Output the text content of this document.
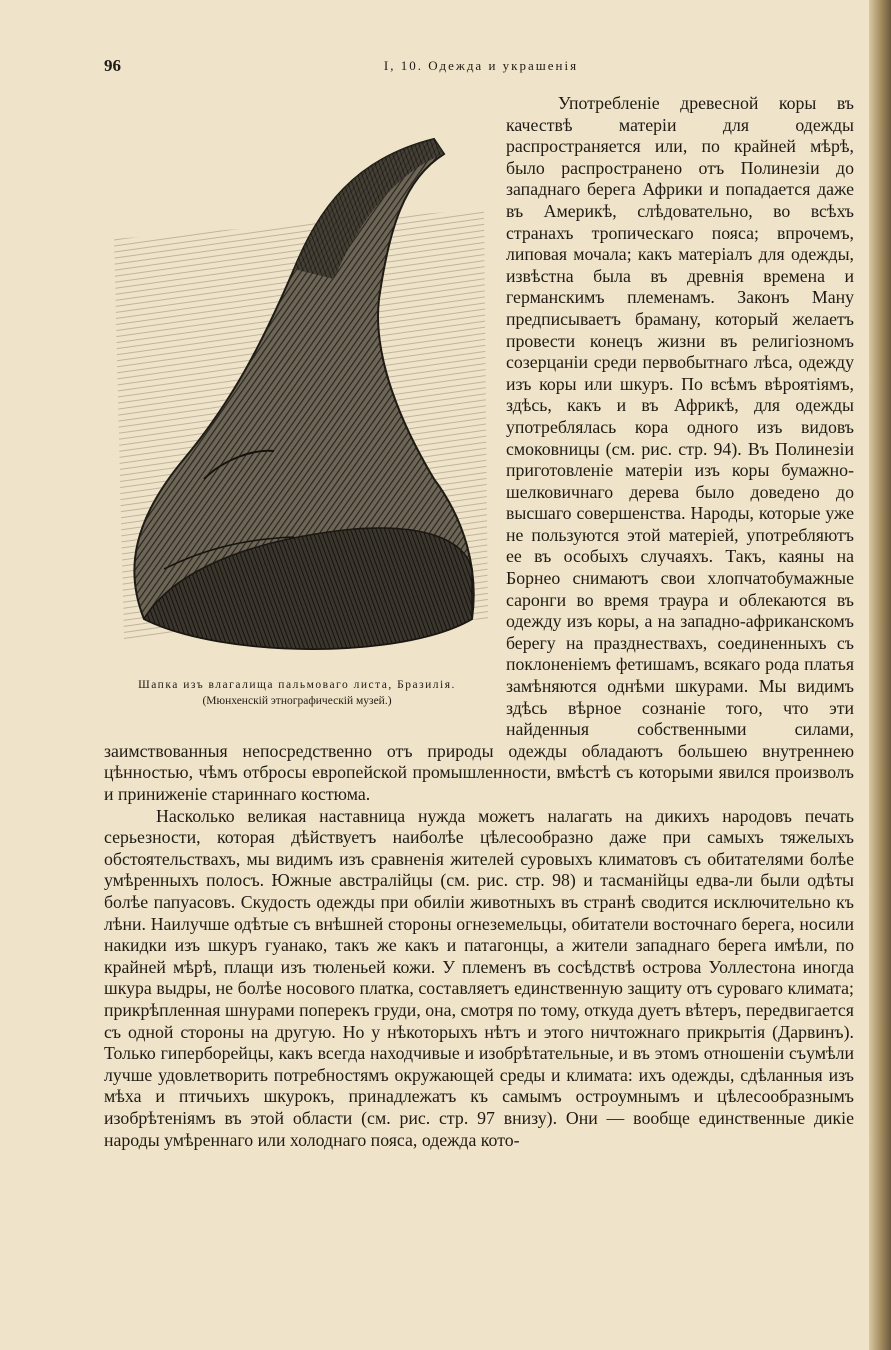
96	I, 10. Одежда и украшенія
Шапка изъ влагалища пальмоваго листа, Бразилія.
(Мюнхенскій этнографическій музей.)

Употребленіе древесной коры въ качествѣ матеріи для одежды распространяется или, по крайней мѣрѣ, было распространено отъ Полинезіи до западнаго берега Африки и попадается даже въ Америкѣ, слѣдовательно, во всѣхъ странахъ тропическаго пояса; впрочемъ, липовая мочала; какъ матеріалъ для одежды, извѣстна была въ древнія времена и германскимъ племенамъ. Законъ Ману предписываетъ браману, который желаетъ провести конецъ жизни въ религіозномъ созерцаніи среди первобытнаго лѣса, одежду изъ коры или шкуръ. По всѣмъ вѣроятіямъ, здѣсь, какъ и въ Африкѣ, для одежды употреблялась кора одного изъ видовъ смоковницы (см. рис. стр. 94). Въ Полинезіи приготовленіе матеріи изъ коры бумажно-шелковичнаго дерева было доведено до высшаго совершенства. Народы, которые уже не пользуются этой матеріей, употребляютъ ее въ особыхъ случаяхъ. Такъ, каяны на Борнео снимаютъ свои хлопчатобумажные саронги во время траура и облекаются въ одежду изъ коры, а на западно-африканскомъ берегу на празднествахъ, соединенныхъ съ поклоненіемъ фетишамъ, всякаго рода платья замѣняются однѣми шкурами. Мы видимъ здѣсь вѣрное сознаніе того, что эти найденныя собственными силами, заимствованныя непосредственно отъ природы одежды обладаютъ большею внутреннею цѣнностью, чѣмъ отбросы европейской промышленности, вмѣстѣ съ которыми явился произволъ и приниженіе стариннаго костюма.

Насколько великая наставница нужда можетъ налагать на дикихъ народовъ печать серьезности, которая дѣйствуетъ наиболѣе цѣлесообразно даже при самыхъ тяжелыхъ обстоятельствахъ, мы видимъ изъ сравненія жителей суровыхъ климатовъ съ обитателями болѣе умѣренныхъ полосъ. Южные австралійцы (см. рис. стр. 98) и тасманійцы едва-ли были одѣты болѣе папуасовъ. Скудость одежды при обиліи животныхъ въ странѣ сводится исключительно къ лѣни. Наилучше одѣтые съ внѣшней стороны огнеземельцы, обитатели восточнаго берега, носили накидки изъ шкуръ гуанако, такъ же какъ и патагонцы, а жители западнаго берега имѣли, по крайней мѣрѣ, плащи изъ тюленьей кожи. У племенъ въ сосѣдствѣ острова Уоллестона иногда шкура выдры, не болѣе носового платка, составляетъ единственную защиту отъ суроваго климата; прикрѣпленная шнурами поперекъ груди, она, смотря по тому, откуда дуетъ вѣтеръ, передвигается съ одной стороны на другую. Но у нѣкоторыхъ нѣтъ и этого ничтожнаго прикрытія (Дарвинъ). Только гиперборейцы, какъ всегда находчивые и изобрѣтательные, и въ этомъ отношеніи съумѣли лучше удовлетворить потребностямъ окружающей среды и климата: ихъ одежды, сдѣланныя изъ мѣха и птичьихъ шкурокъ, принадлежатъ къ самымъ остроумнымъ и цѣлесообразнымъ изобрѣтеніямъ въ этой области (см. рис. стр. 97 внизу). Они — вообще единственные дикіе народы умѣреннаго или холоднаго пояса, одежда кото-
